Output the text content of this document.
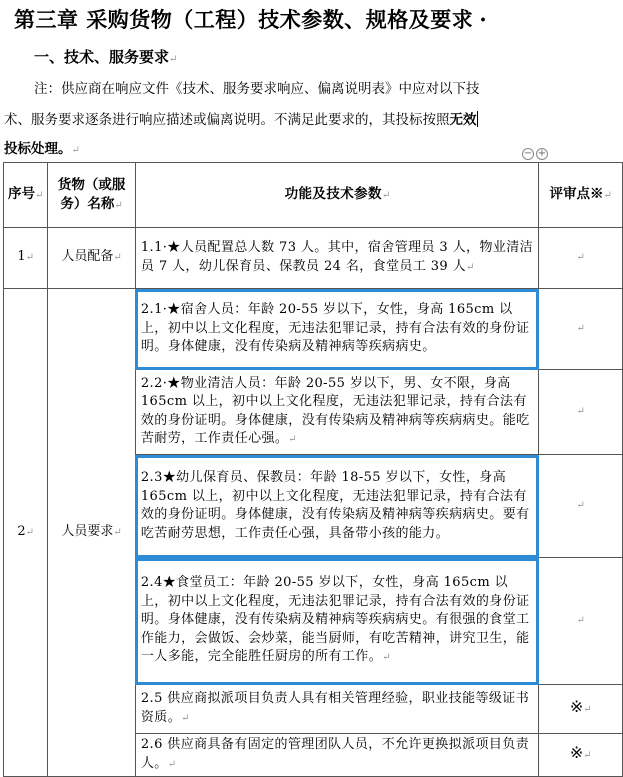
第三章 采购货物（工程）技术参数、规格及要求 ·
一、技术、服务要求↵
注：供应商在响应文件《技术、服务要求响应、偏离说明表》中应对以下技
术、服务要求逐条进行响应描述或偏离说明。不满足此要求的，其投标按照无效
投标处理。↵	− +
序号↵	货物（或服务）名称↵	功能及技术参数↵	评审点※↵
1↵	人员配备↵	1.1·★人员配置总人数 73 人。其中，宿舍管理员 3 人，物业清洁员 7 人，幼儿保育员、保教员 24 名，食堂员工 39 人↵	↵
2↵	人员要求↵	2.1·★宿舍人员：年龄 20-55 岁以下，女性，身高 165cm 以上，初中以上文化程度，无违法犯罪记录，持有合法有效的身份证明。身体健康，没有传染病及精神病等疾病病史。	↵
		2.2·★物业清洁人员：年龄 20-55 岁以下，男、女不限，身高 165cm 以上，初中以上文化程度，无违法犯罪记录，持有合法有效的身份证明。身体健康，没有传染病及精神病等疾病病史。能吃苦耐劳，工作责任心强。↵	↵
		2.3★幼儿保育员、保教员：年龄 18-55 岁以下，女性，身高 165cm 以上，初中以上文化程度，无违法犯罪记录，持有合法有效的身份证明。身体健康，没有传染病及精神病等疾病病史。要有吃苦耐劳思想，工作责任心强，具备带小孩的能力。	↵
		2.4★食堂员工：年龄 20-55 岁以下，女性，身高 165cm 以上，初中以上文化程度，无违法犯罪记录，持有合法有效的身份证明。身体健康，没有传染病及精神病等疾病病史。有很强的食堂工作能力，会做饭、会炒菜，能当厨师，有吃苦精神，讲究卫生，能一人多能，完全能胜任厨房的所有工作。↵	↵
		2.5 供应商拟派项目负责人具有相关管理经验，职业技能等级证书资质。↵	※↵
		2.6 供应商具备有固定的管理团队人员，不允许更换拟派项目负责人。↵	※↵
